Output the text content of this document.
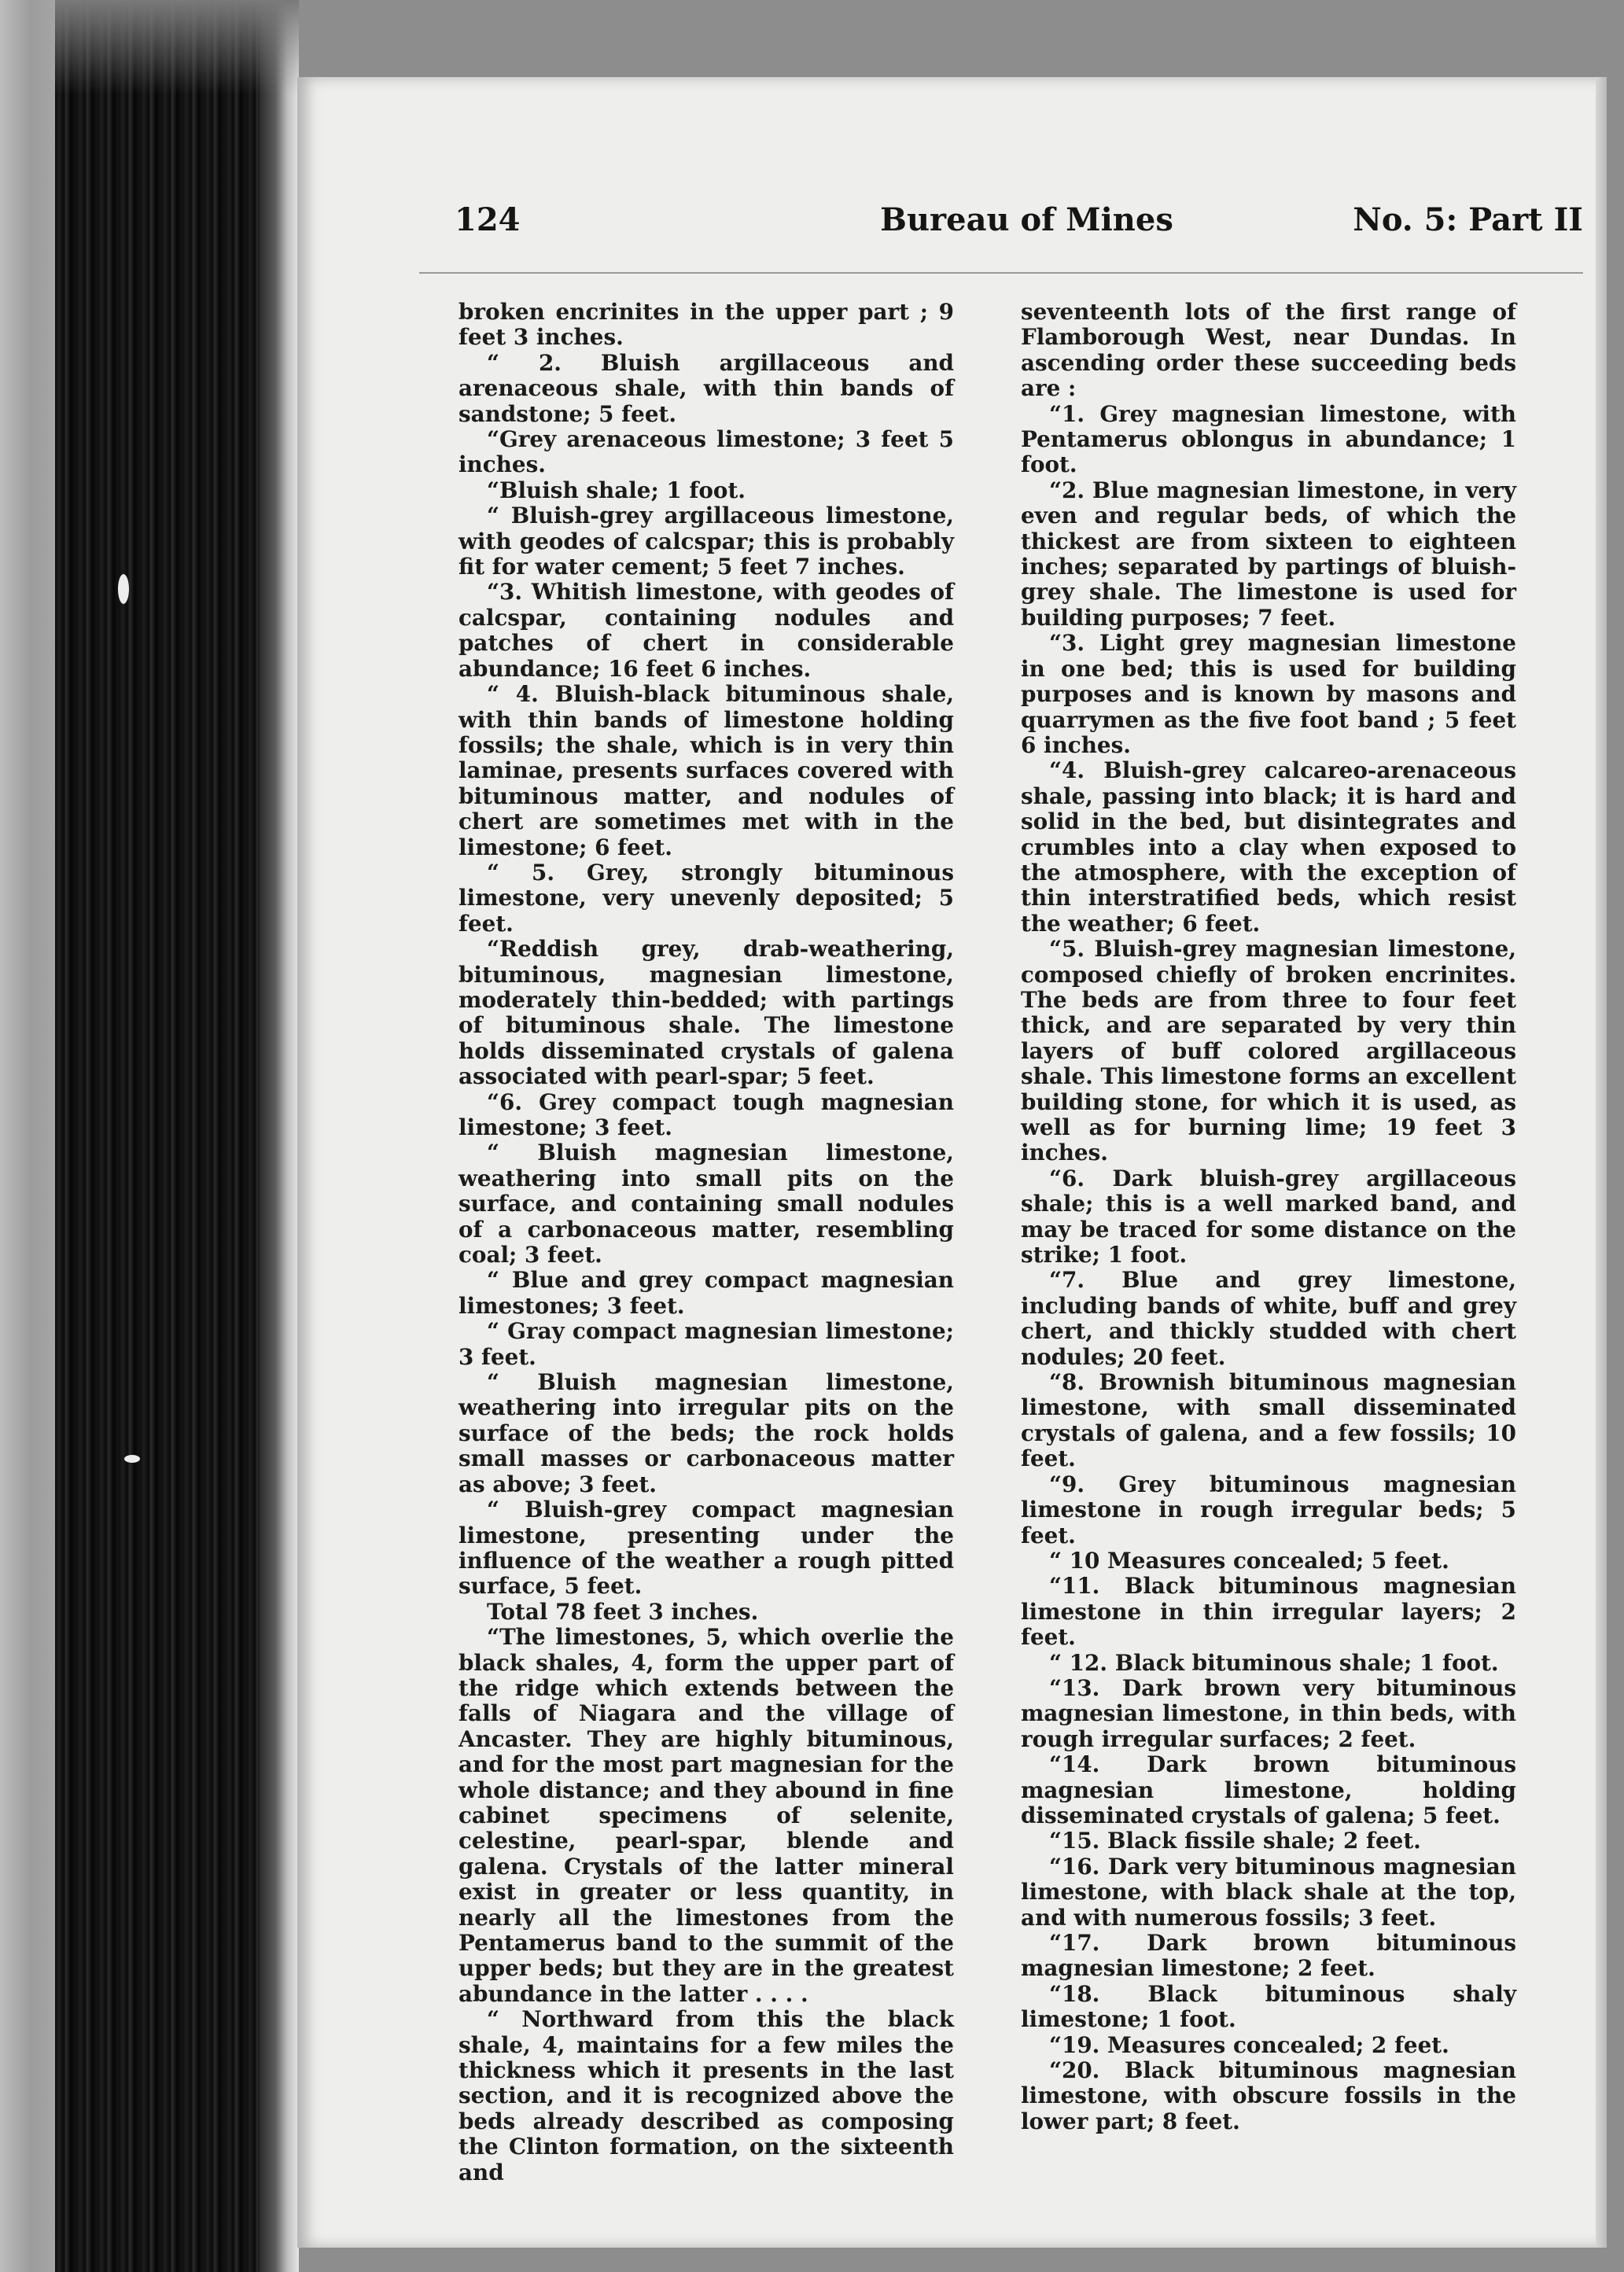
Bureau of Mines
124	No. 5: Part II

broken encrinites in the upper part ; 9 feet 3 inches.

“ 2. Bluish argillaceous and arenaceous shale, with thin bands of sandstone; 5 feet.

“Grey arenaceous limestone; 3 feet 5 inches.

“Bluish shale; 1 foot.

“ Bluish-grey argillaceous limestone, with geodes of calcspar; this is probably fit for water cement; 5 feet 7 inches.

“3. Whitish limestone, with geodes of calcspar, containing nodules and patches of chert in considerable abundance; 16 feet 6 inches.

“ 4. Bluish-black bituminous shale, with thin bands of limestone holding fossils; the shale, which is in very thin laminae, presents surfaces covered with bituminous matter, and nodules of chert are sometimes met with in the limestone; 6 feet.

“ 5. Grey, strongly bituminous limestone, very unevenly deposited; 5 feet.

“Reddish grey, drab-weathering, bituminous, magnesian limestone, moderately thin-bedded; with partings of bituminous shale. The limestone holds disseminated crystals of galena associated with pearl-spar; 5 feet.

“6. Grey compact tough magnesian limestone; 3 feet.

“ Bluish magnesian limestone, weathering into small pits on the surface, and containing small nodules of a carbonaceous matter, resembling coal; 3 feet.

“ Blue and grey compact magnesian limestones; 3 feet.

“ Gray compact magnesian limestone; 3 feet.

“ Bluish magnesian limestone, weathering into irregular pits on the surface of the beds; the rock holds small masses or carbonaceous matter as above; 3 feet.

“ Bluish-grey compact magnesian limestone, presenting under the influence of the weather a rough pitted surface, 5 feet.

Total 78 feet 3 inches.

“The limestones, 5, which overlie the black shales, 4, form the upper part of the ridge which extends between the falls of Niagara and the village of Ancaster. They are highly bituminous, and for the most part magnesian for the whole distance; and they abound in fine cabinet specimens of selenite, celestine, pearl-spar, blende and galena. Crystals of the latter mineral exist in greater or less quantity, in nearly all the limestones from the Pentamerus band to the summit of the upper beds; but they are in the greatest abundance in the latter . . . .

“ Northward from this the black shale, 4, maintains for a few miles the thickness which it presents in the last section, and it is recognized above the beds already described as composing the Clinton formation, on the sixteenth and

seventeenth lots of the first range of Flamborough West, near Dundas. In ascending order these succeeding beds are :

“1. Grey magnesian limestone, with Pentamerus oblongus in abundance; 1 foot.

“2. Blue magnesian limestone, in very even and regular beds, of which the thickest are from sixteen to eighteen inches; separated by partings of bluish-grey shale. The limestone is used for building purposes; 7 feet.

“3. Light grey magnesian limestone in one bed; this is used for building purposes and is known by masons and quarrymen as the five foot band ; 5 feet 6 inches.

“4. Bluish-grey calcareo-arenaceous shale, passing into black; it is hard and solid in the bed, but disintegrates and crumbles into a clay when exposed to the atmosphere, with the exception of thin interstratified beds, which resist the weather; 6 feet.

“5. Bluish-grey magnesian limestone, composed chiefly of broken encrinites. The beds are from three to four feet thick, and are separated by very thin layers of buff colored argillaceous shale. This limestone forms an excellent building stone, for which it is used, as well as for burning lime; 19 feet 3 inches.

“6. Dark bluish-grey argillaceous shale; this is a well marked band, and may be traced for some distance on the strike; 1 foot.

“7. Blue and grey limestone, including bands of white, buff and grey chert, and thickly studded with chert nodules; 20 feet.

“8. Brownish bituminous magnesian limestone, with small disseminated crystals of galena, and a few fossils; 10 feet.

“9. Grey bituminous magnesian limestone in rough irregular beds; 5 feet.

“ 10 Measures concealed; 5 feet.

“11. Black bituminous magnesian limestone in thin irregular layers; 2 feet.

“ 12. Black bituminous shale; 1 foot.

“13. Dark brown very bituminous magnesian limestone, in thin beds, with rough irregular surfaces; 2 feet.

“14. Dark brown bituminous magnesian limestone, holding disseminated crystals of galena; 5 feet.

“15. Black fissile shale; 2 feet.

“16. Dark very bituminous magnesian limestone, with black shale at the top, and with numerous fossils; 3 feet.

“17. Dark brown bituminous magnesian limestone; 2 feet.

“18. Black bituminous shaly limestone; 1 foot.

“19. Measures concealed; 2 feet.

“20. Black bituminous magnesian limestone, with obscure fossils in the lower part; 8 feet.
